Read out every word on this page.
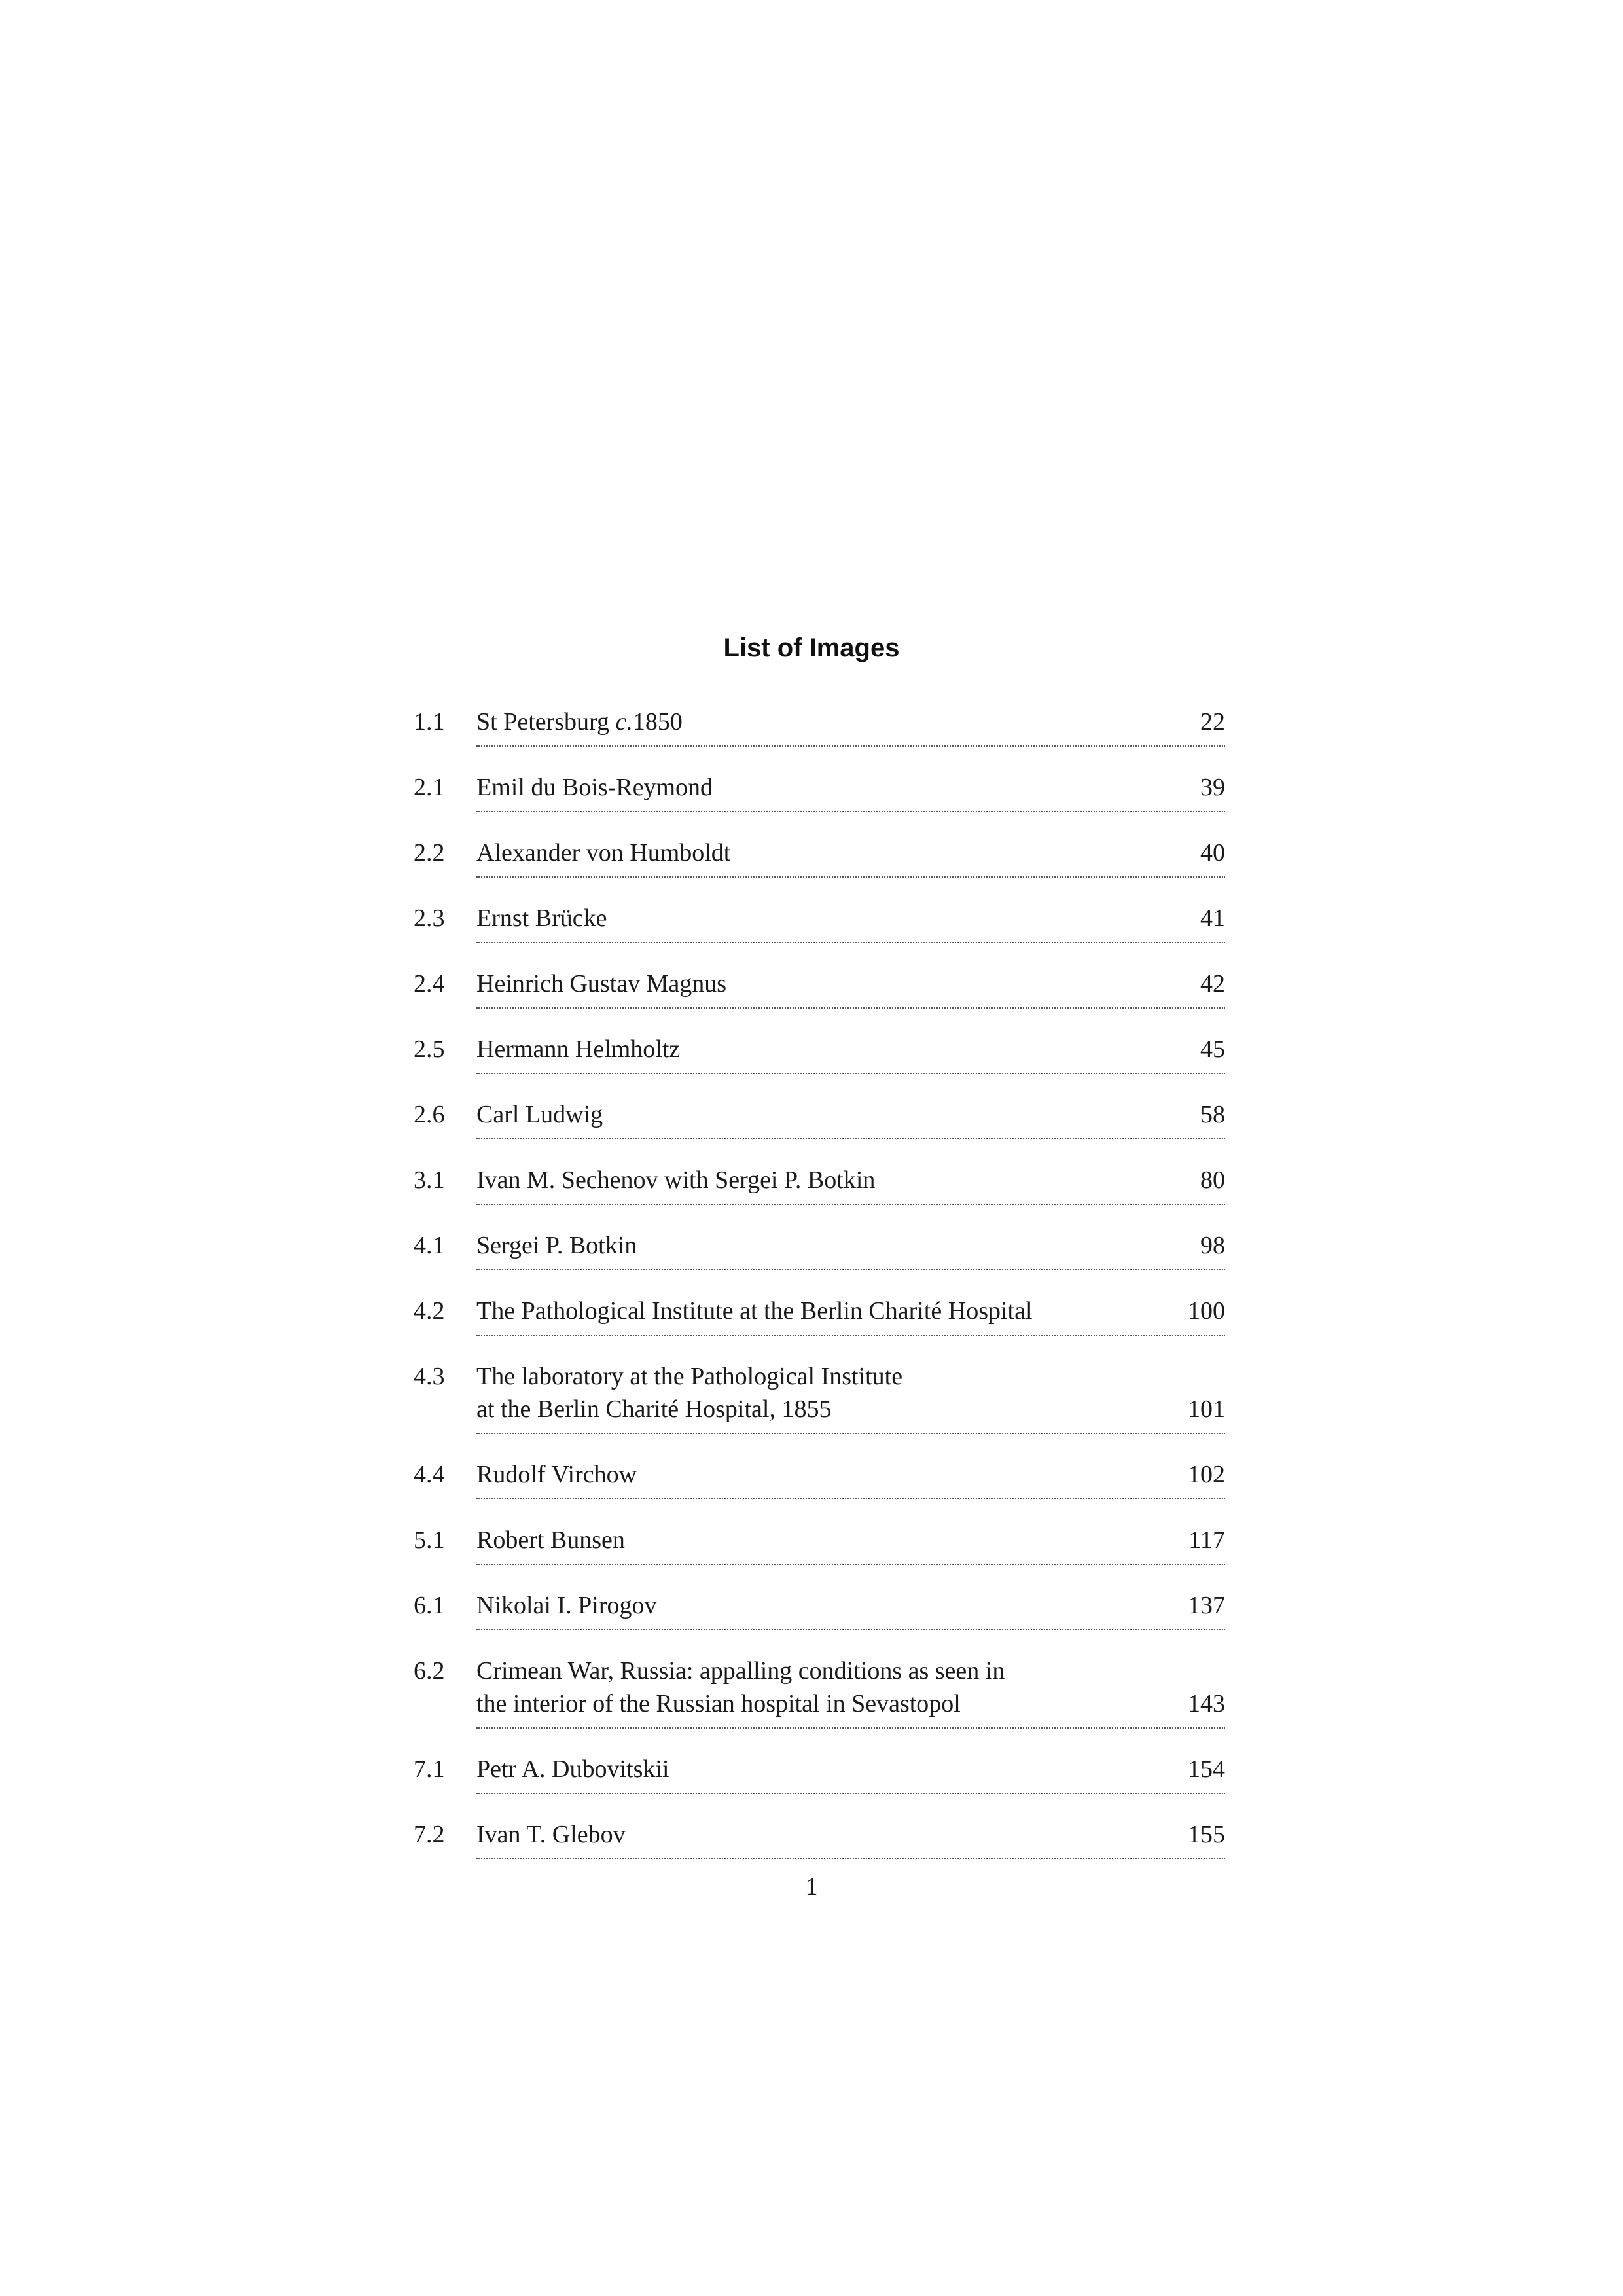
List of Images
1.1	St Petersburg c.1850	22
2.1	Emil du Bois-Reymond	39
2.2	Alexander von Humboldt	40
2.3	Ernst Brücke	41
2.4	Heinrich Gustav Magnus	42
2.5	Hermann Helmholtz	45
2.6	Carl Ludwig	58
3.1	Ivan M. Sechenov with Sergei P. Botkin	80
4.1	Sergei P. Botkin	98
4.2	The Pathological Institute at the Berlin Charité Hospital	100
4.3	The laboratory at the Pathological Institute
at the Berlin Charité Hospital, 1855	101
4.4	Rudolf Virchow	102
5.1	Robert Bunsen	117
6.1	Nikolai I. Pirogov	137
6.2	Crimean War, Russia: appalling conditions as seen in
the interior of the Russian hospital in Sevastopol	143
7.1	Petr A. Dubovitskii	154
7.2	Ivan T. Glebov	155
1
